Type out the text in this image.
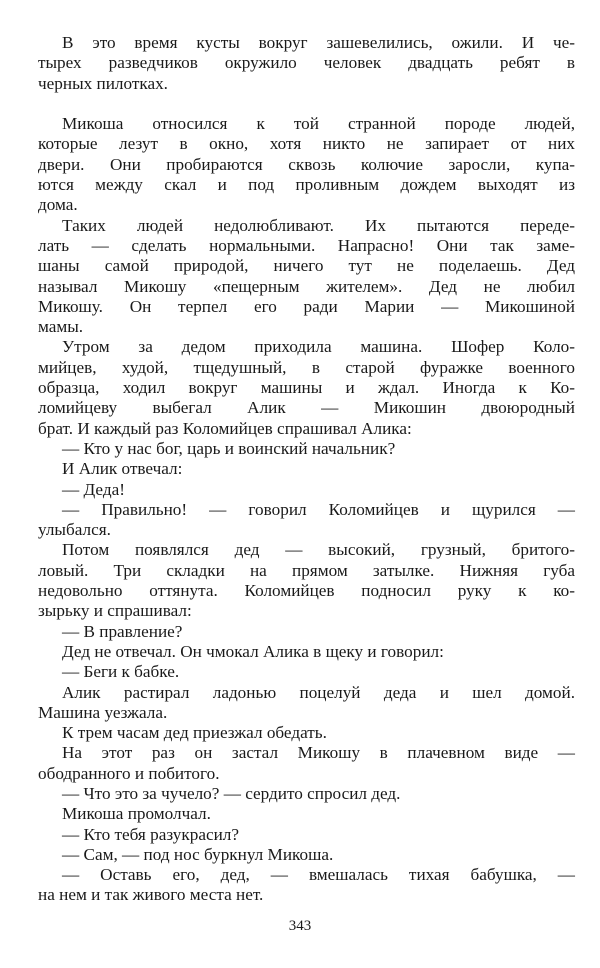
В это время кусты вокруг зашевелились, ожили. И че-
тырех разведчиков окружило человек двадцать ребят в
черных пилотках.
Микоша относился к той странной породе людей,
которые лезут в окно, хотя никто не запирает от них
двери. Они пробираются сквозь колючие заросли, купа-
ются между скал и под проливным дождем выходят из
дома.
Таких людей недолюбливают. Их пытаются переде-
лать — сделать нормальными. Напрасно! Они так заме-
шаны самой природой, ничего тут не поделаешь. Дед
называл Микошу «пещерным жителем». Дед не любил
Микошу. Он терпел его ради Марии — Микошиной
мамы.
Утром за дедом приходила машина. Шофер Коло-
мийцев, худой, тщедушный, в старой фуражке военного
образца, ходил вокруг машины и ждал. Иногда к Ко-
ломийцеву выбегал Алик — Микошин двоюродный
брат. И каждый раз Коломийцев спрашивал Алика:
— Кто у нас бог, царь и воинский начальник?
И Алик отвечал:
— Деда!
— Правильно! — говорил Коломийцев и щурился —
улыбался.
Потом появлялся дед — высокий, грузный, бритого-
ловый. Три складки на прямом затылке. Нижняя губа
недовольно оттянута. Коломийцев подносил руку к ко-
зырьку и спрашивал:
— В правление?
Дед не отвечал. Он чмокал Алика в щеку и говорил:
— Беги к бабке.
Алик растирал ладонью поцелуй деда и шел домой.
Машина уезжала.
К трем часам дед приезжал обедать.
На этот раз он застал Микошу в плачевном виде —
ободранного и побитого.
— Что это за чучело? — сердито спросил дед.
Микоша промолчал.
— Кто тебя разукрасил?
— Сам, — под нос буркнул Микоша.
— Оставь его, дед, — вмешалась тихая бабушка, —
на нем и так живого места нет.
343
